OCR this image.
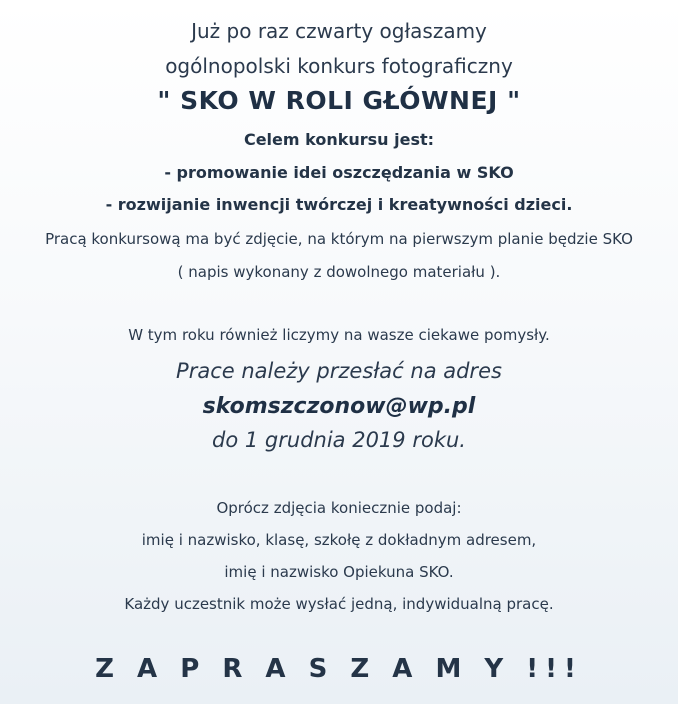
Już po raz czwarty ogłaszamy
ogólnopolski konkurs fotograficzny
" SKO W ROLI GŁÓWNEJ "
Celem konkursu jest:
- promowanie idei oszczędzania w SKO
- rozwijanie inwencji twórczej i kreatywności dzieci.
Pracą konkursową ma być zdjęcie, na którym na pierwszym planie będzie SKO
( napis wykonany z dowolnego materiału ).
W tym roku również liczymy na wasze ciekawe pomysły.
Prace należy przesłać na adres
skomszczonow@wp.pl
do 1 grudnia 2019 roku.
Oprócz zdjęcia koniecznie podaj:
imię i nazwisko, klasę, szkołę z dokładnym adresem,
imię i nazwisko Opiekuna SKO.
Każdy uczestnik może wysłać jedną, indywidualną pracę.
Z A P R A S Z A M Y !!!
